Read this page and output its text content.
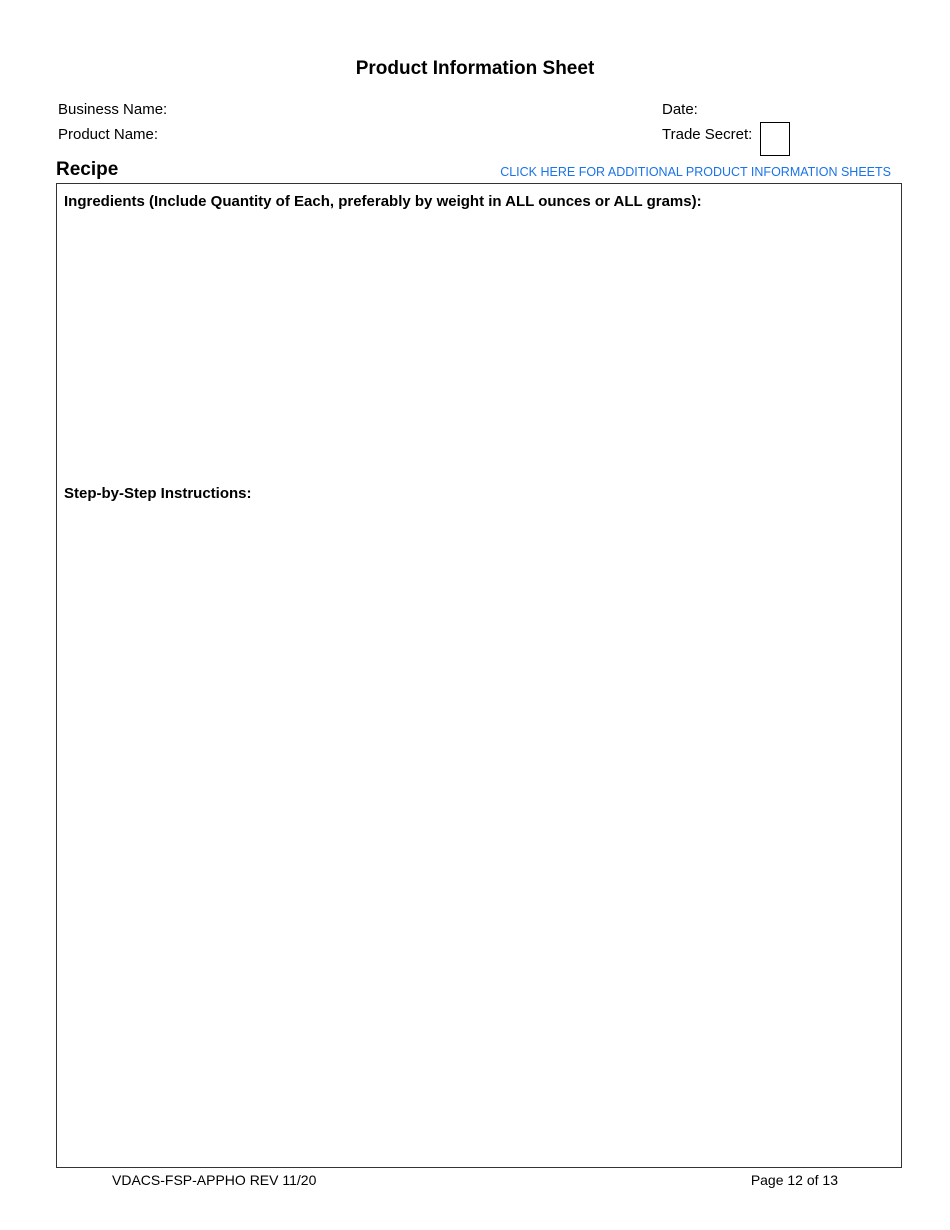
Product Information Sheet
Business Name:
Product Name:
Date:
Trade Secret:
Recipe	CLICK HERE FOR ADDITIONAL PRODUCT INFORMATION SHEETS
Ingredients (Include Quantity of Each, preferably by weight in ALL ounces or ALL grams):
Step-by-Step Instructions:
VDACS-FSP-APPHO REV 11/20	Page 12 of 13
